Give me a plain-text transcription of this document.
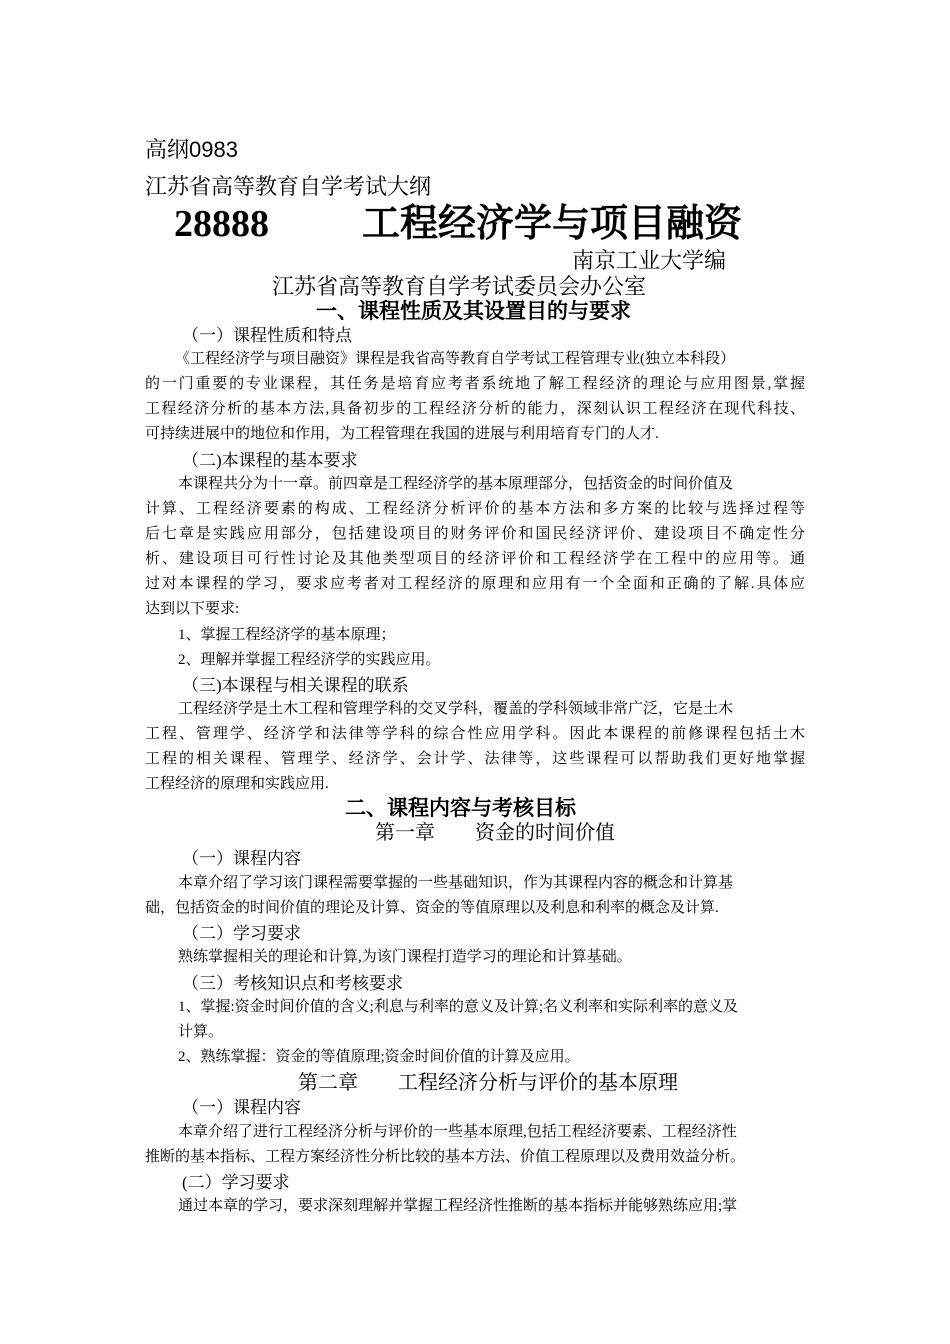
高纲0983
江苏省高等教育自学考试大纲
28888 工程经济学与项目融资
南京工业大学编
江苏省高等教育自学考试委员会办公室
一、课程性质及其设置目的与要求
（一）课程性质和特点
《工程经济学与项目融资》课程是我省高等教育自学考试工程管理专业(独立本科段）
的一门重要的专业课程，其任务是培育应考者系统地了解工程经济的理论与应用图景,掌握
工程经济分析的基本方法,具备初步的工程经济分析的能力，深刻认识工程经济在现代科技、
可持续进展中的地位和作用，为工程管理在我国的进展与利用培育专门的人才.
（二)本课程的基本要求
本课程共分为十一章。前四章是工程经济学的基本原理部分，包括资金的时间价值及
计算、工程经济要素的构成、工程经济分析评价的基本方法和多方案的比较与选择过程等
后七章是实践应用部分，包括建设项目的财务评价和国民经济评价、建设项目不确定性分
析、建设项目可行性讨论及其他类型项目的经济评价和工程经济学在工程中的应用等。通
过对本课程的学习，要求应考者对工程经济的原理和应用有一个全面和正确的了解.具体应
达到以下要求:
1、掌握工程经济学的基本原理；
2、理解并掌握工程经济学的实践应用。
（三)本课程与相关课程的联系
工程经济学是土木工程和管理学科的交叉学科，覆盖的学科领域非常广泛，它是土木
工程、管理学、经济学和法律等学科的综合性应用学科。因此本课程的前修课程包括土木
工程的相关课程、管理学、经济学、会计学、法律等，这些课程可以帮助我们更好地掌握
工程经济的原理和实践应用.
二、课程内容与考核目标
第一章　　资金的时间价值
（一）课程内容
本章介绍了学习该门课程需要掌握的一些基础知识，作为其课程内容的概念和计算基
础，包括资金的时间价值的理论及计算、资金的等值原理以及利息和利率的概念及计算.
（二）学习要求
熟练掌握相关的理论和计算,为该门课程打造学习的理论和计算基础。
（三）考核知识点和考核要求
1、掌握:资金时间价值的含义;利息与利率的意义及计算;名义利率和实际利率的意义及
计算。
2、熟练掌握：资金的等值原理;资金时间价值的计算及应用。
第二章　　工程经济分析与评价的基本原理
（一）课程内容
本章介绍了进行工程经济分析与评价的一些基本原理,包括工程经济要素、工程经济性
推断的基本指标、工程方案经济性分析比较的基本方法、价值工程原理以及费用效益分析。
(二）学习要求
通过本章的学习，要求深刻理解并掌握工程经济性推断的基本指标并能够熟练应用;掌
